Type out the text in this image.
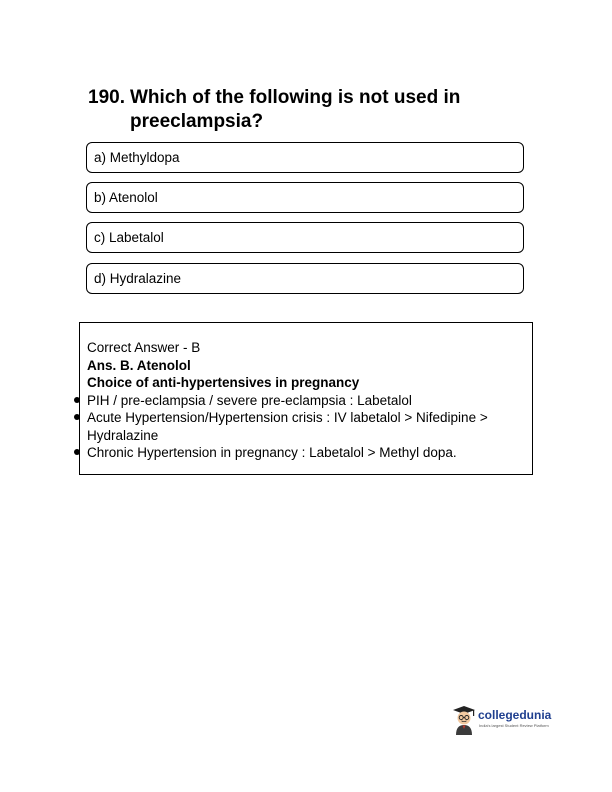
190. Which of the following is not used in preeclampsia?
a) Methyldopa
b) Atenolol
c) Labetalol
d) Hydralazine
Correct Answer - B
Ans. B. Atenolol
Choice of anti-hypertensives in pregnancy
PIH / pre-eclampsia / severe pre-eclampsia : Labetalol
Acute Hypertension/Hypertension crisis : IV labetalol > Nifedipine > Hydralazine
Chronic Hypertension in pregnancy : Labetalol > Methyl dopa.
collegedunia
India's largest Student Review Platform
